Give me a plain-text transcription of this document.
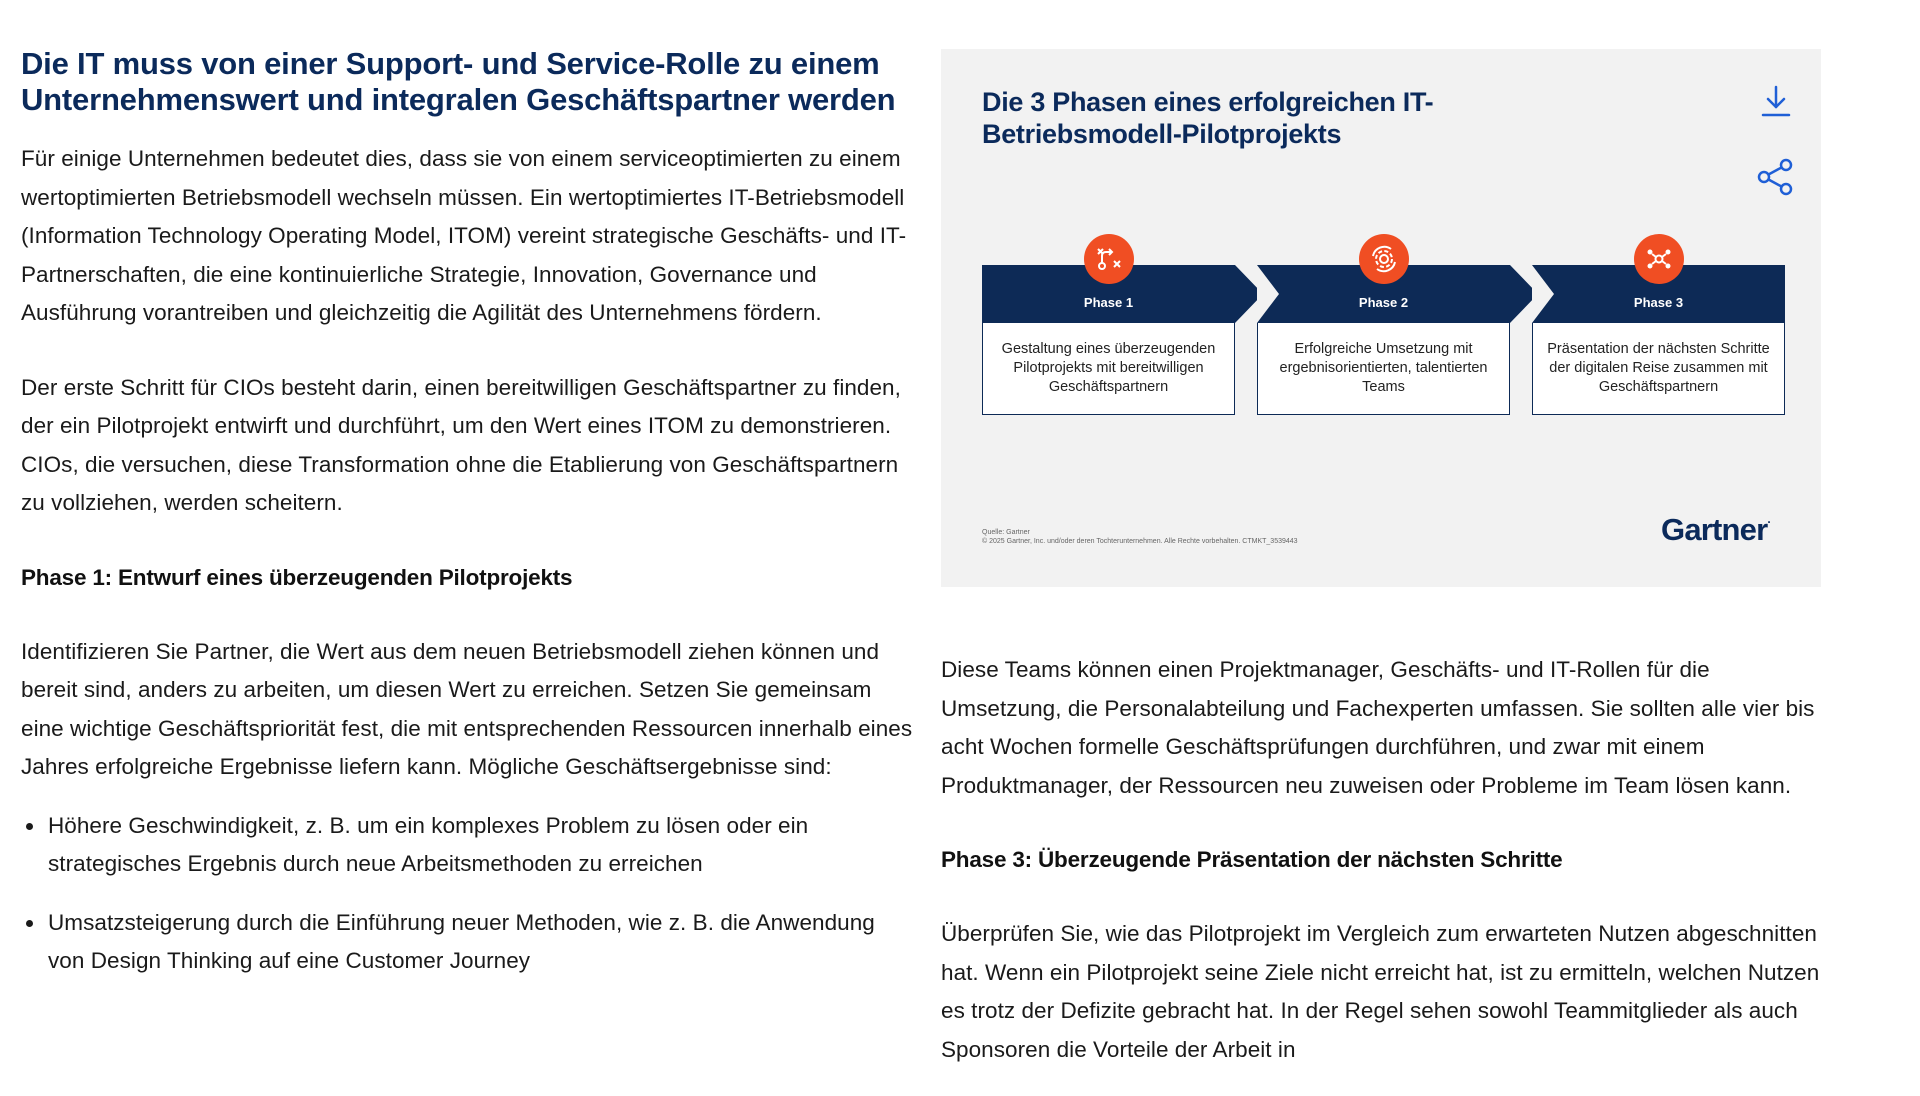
Die IT muss von einer Support- und Service-Rolle zu einem Unternehmenswert und integralen Geschäftspartner werden

Für einige Unternehmen bedeutet dies, dass sie von einem serviceoptimierten zu einem wertoptimierten Betriebsmodell wechseln müssen. Ein wertoptimiertes IT-Betriebsmodell (Information Technology Operating Model, ITOM) vereint strategische Geschäfts- und IT-Partnerschaften, die eine kontinuierliche Strategie, Innovation, Governance und Ausführung vorantreiben und gleichzeitig die Agilität des Unternehmens fördern.

Der erste Schritt für CIOs besteht darin, einen bereitwilligen Geschäftspartner zu finden, der ein Pilotprojekt entwirft und durchführt, um den Wert eines ITOM zu demonstrieren. CIOs, die versuchen, diese Transformation ohne die Etablierung von Geschäftspartnern zu vollziehen, werden scheitern.

Phase 1: Entwurf eines überzeugenden Pilotprojekts

Identifizieren Sie Partner, die Wert aus dem neuen Betriebsmodell ziehen können und bereit sind, anders zu arbeiten, um diesen Wert zu erreichen. Setzen Sie gemeinsam eine wichtige Geschäftspriorität fest, die mit entsprechenden Ressourcen innerhalb eines Jahres erfolgreiche Ergebnisse liefern kann. Mögliche Geschäftsergebnisse sind:

Höhere Geschwindigkeit, z. B. um ein komplexes Problem zu lösen oder ein strategisches Ergebnis durch neue Arbeitsmethoden zu erreichen
Umsatzsteigerung durch die Einführung neuer Methoden, wie z. B. die Anwendung von Design Thinking auf eine Customer Journey
Die 3 Phasen eines erfolgreichen IT-Betriebsmodell-Pilotprojekts
Phase 1
Gestaltung eines überzeugenden Pilotprojekts mit bereitwilligen Geschäftspartnern
Phase 2
Erfolgreiche Umsetzung mit ergebnisorientierten, talentierten Teams
Phase 3
Präsentation der nächsten Schritte der digitalen Reise zusammen mit Geschäftspartnern
Quelle: Gartner
© 2025 Gartner, Inc. und/oder deren Tochterunternehmen. Alle Rechte vorbehalten. CTMKT_3539443	Gartner.

Diese Teams können einen Projektmanager, Geschäfts- und IT-Rollen für die Umsetzung, die Personalabteilung und Fachexperten umfassen. Sie sollten alle vier bis acht Wochen formelle Geschäftsprüfungen durchführen, und zwar mit einem Produktmanager, der Ressourcen neu zuweisen oder Probleme im Team lösen kann.

Phase 3: Überzeugende Präsentation der nächsten Schritte

Überprüfen Sie, wie das Pilotprojekt im Vergleich zum erwarteten Nutzen abgeschnitten hat. Wenn ein Pilotprojekt seine Ziele nicht erreicht hat, ist zu ermitteln, welchen Nutzen es trotz der Defizite gebracht hat. In der Regel sehen sowohl Teammitglieder als auch Sponsoren die Vorteile der Arbeit in
